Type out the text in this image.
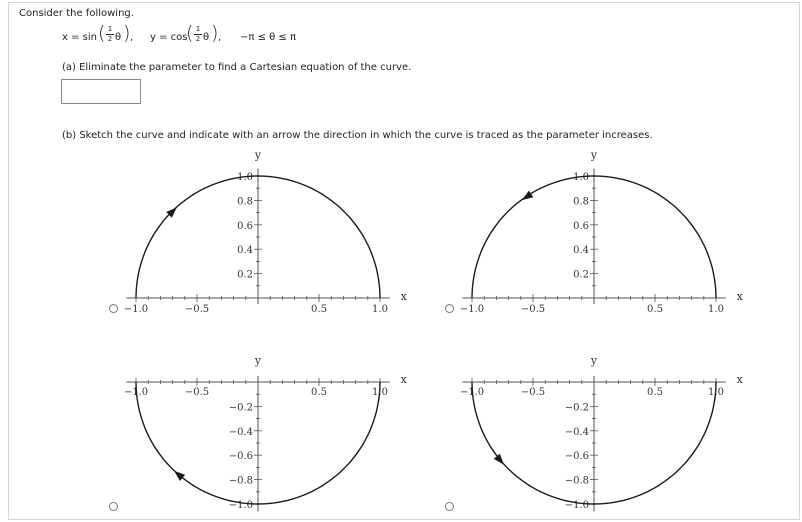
Consider the following.
x = sin ( $\frac{1}{2}$ θ ) , y = cos
( $\frac{1}{2}$ θ ) , −π ≤ θ ≤ π
(a) Eliminate the parameter to find a Cartesian equation of the curve.
(b) Sketch the curve and indicate with an arrow the direction in which the curve is traced as the parameter increases.
−1.0	−0.5	0.5	1.0
0.2
0.4
0.6
0.8
1.0
x
y
−1.0	−0.5	0.5	1.0
0.2
0.4
0.6
0.8
1.0
x
y
−1.0	−0.5	0.5	1.0
−0.2
−0.4
−0.6
−0.8
−1.0
x
y
−1.0	−0.5	0.5	1.0
−0.2
−0.4
−0.6
−0.8
−1.0
x
y
